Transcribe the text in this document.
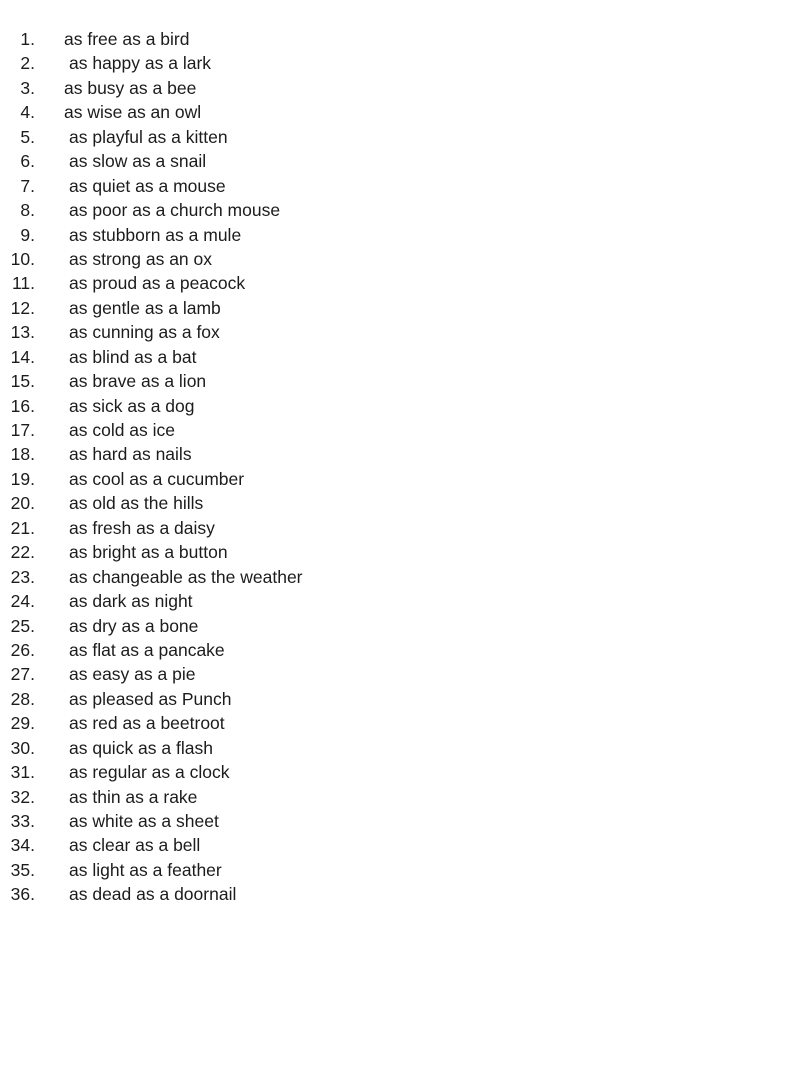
1. as free as a bird
2. as happy as a lark
3. as busy as a bee
4. as wise as an owl
5. as playful as a kitten
6. as slow as a snail
7. as quiet as a mouse
8. as poor as a church mouse
9. as stubborn as a mule
10. as strong as an ox
11. as proud as a peacock
12. as gentle as a lamb
13. as cunning as a fox
14. as blind as a bat
15. as brave as a lion
16. as sick as a dog
17. as cold as ice
18. as hard as nails
19. as cool as a cucumber
20. as old as the hills
21. as fresh as a daisy
22. as bright as a button
23. as changeable as the weather
24. as dark as night
25. as dry as a bone
26. as flat as a pancake
27. as easy as a pie
28. as pleased as Punch
29. as red as a beetroot
30. as quick as a flash
31. as regular as a clock
32. as thin as a rake
33. as white as a sheet
34. as clear as a bell
35. as light as a feather
36. as dead as a doornail
